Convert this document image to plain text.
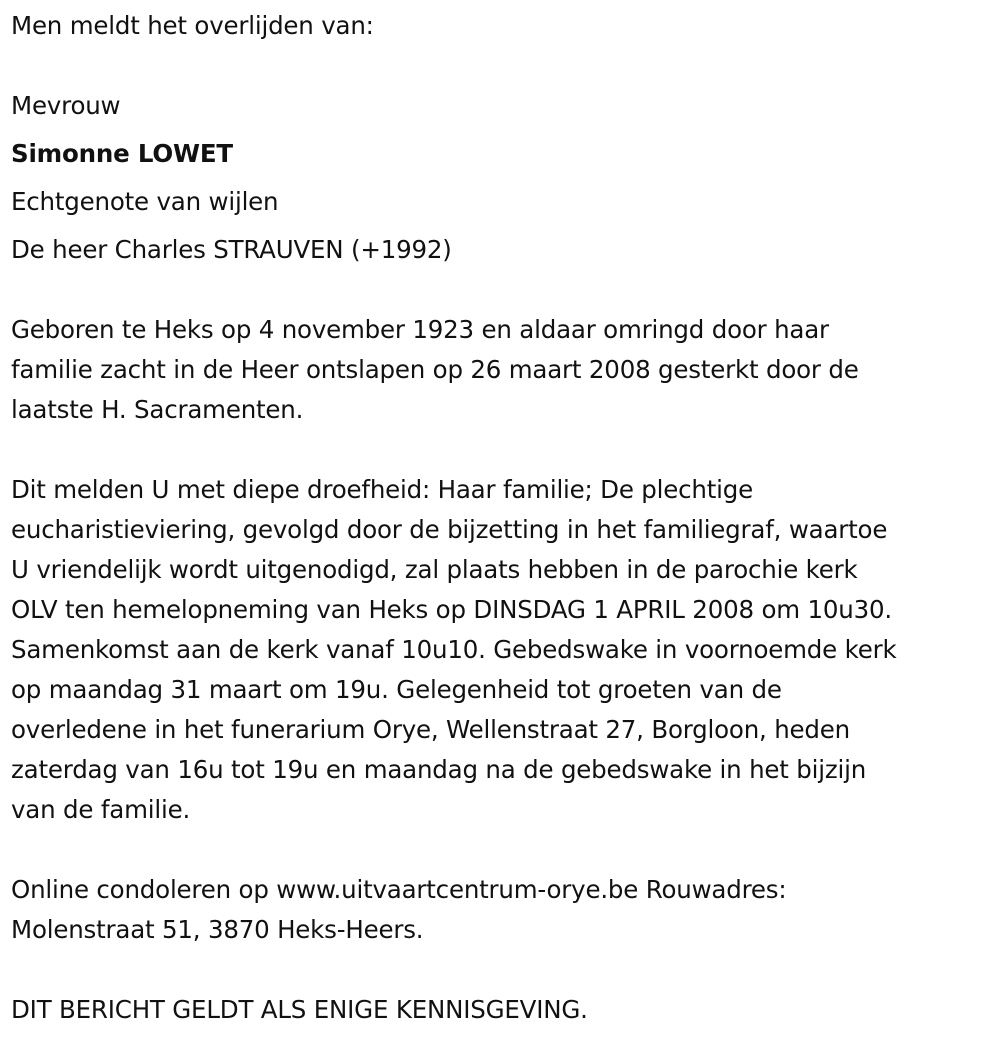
Men meldt het overlijden van:
Mevrouw
Simonne LOWET
Echtgenote van wijlen
De heer Charles STRAUVEN (+1992)
Geboren te Heks op 4 november 1923 en aldaar omringd door haar
familie zacht in de Heer ontslapen op 26 maart 2008 gesterkt door de
laatste H. Sacramenten.
Dit melden U met diepe droefheid: Haar familie; De plechtige
eucharistieviering, gevolgd door de bijzetting in het familiegraf, waartoe
U vriendelijk wordt uitgenodigd, zal plaats hebben in de parochie kerk
OLV ten hemelopneming van Heks op DINSDAG 1 APRIL 2008 om 10u30.
Samenkomst aan de kerk vanaf 10u10. Gebedswake in voornoemde kerk
op maandag 31 maart om 19u. Gelegenheid tot groeten van de
overledene in het funerarium Orye, Wellenstraat 27, Borgloon, heden
zaterdag van 16u tot 19u en maandag na de gebedswake in het bijzijn
van de familie.
Online condoleren op www.uitvaartcentrum-orye.be Rouwadres:
Molenstraat 51, 3870 Heks-Heers.
DIT BERICHT GELDT ALS ENIGE KENNISGEVING.
